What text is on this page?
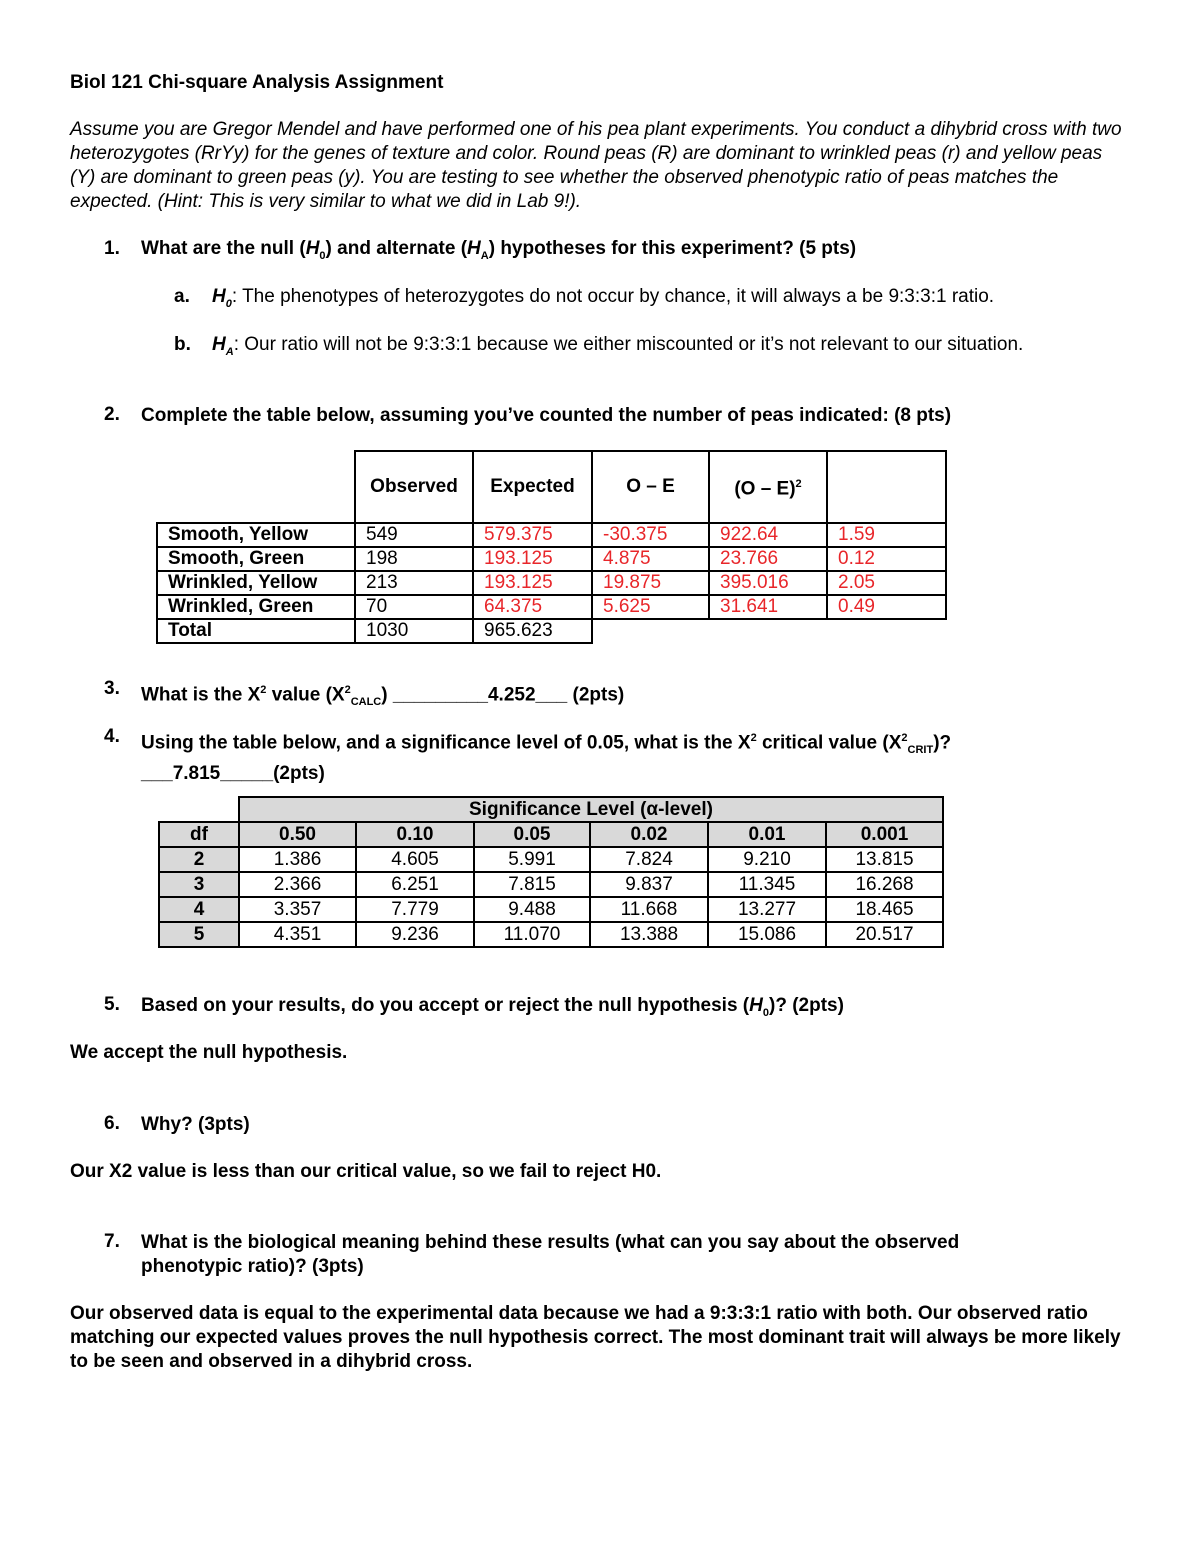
Biol 121 Chi-square Analysis Assignment

Assume you are Gregor Mendel and have performed one of his pea plant experiments. You conduct a dihybrid cross with two heterozygotes (RrYy) for the genes of texture and color. Round peas (R) are dominant to wrinkled peas (r) and yellow peas (Y) are dominant to green peas (y). You are testing to see whether the observed phenotypic ratio of peas matches the expected. (Hint: This is very similar to what we did in Lab 9!).

1. What are the null $(H_0)$ and alternate $(H_A)$ hypotheses for this experiment? (5 pts)
a. $H_0$: The phenotypes of heterozygotes do not occur by chance, it will always a be 9:3:3:1 ratio.
b. $H_A$: Our ratio will not be 9:3:3:1 because we either miscounted or it’s not relevant to our situation.
2. Complete the table below, assuming you’ve counted the number of peas indicated: (8 pts)
	Observed	Expected	O – E	(O – E)$^2$	
Smooth, Yellow	549	579.375	-30.375	922.64	1.59
Smooth, Green	198	193.125	4.875	23.766	0.12
Wrinkled, Yellow	213	193.125	19.875	395.016	2.05
Wrinkled, Green	70	64.375	5.625	31.641	0.49
Total	1030	965.623			
3. What is the $X^2$ value $(X^2_{CALC})$ _________4.252___ (2pts)
4. Using the table below, and a significance level of 0.05, what is the $X^2$ critical value $(X^2_{CRIT})$?
___7.815_____(2pts)
	Significance Level (α-level)					
df	0.50	0.10	0.05	0.02	0.01	0.001
2	1.386	4.605	5.991	7.824	9.210	13.815
3	2.366	6.251	7.815	9.837	11.345	16.268
4	3.357	7.779	9.488	11.668	13.277	18.465
5	4.351	9.236	11.070	13.388	15.086	20.517
5. Based on your results, do you accept or reject the null hypothesis $(H_0)$? (2pts)
We accept the null hypothesis.
6. Why? (3pts)
Our X2 value is less than our critical value, so we fail to reject H0.
7. What is the biological meaning behind these results (what can you say about the observed phenotypic ratio)? (3pts)
Our observed data is equal to the experimental data because we had a 9:3:3:1 ratio with both. Our observed ratio matching our expected values proves the null hypothesis correct. The most dominant trait will always be more likely to be seen and observed in a dihybrid cross.
